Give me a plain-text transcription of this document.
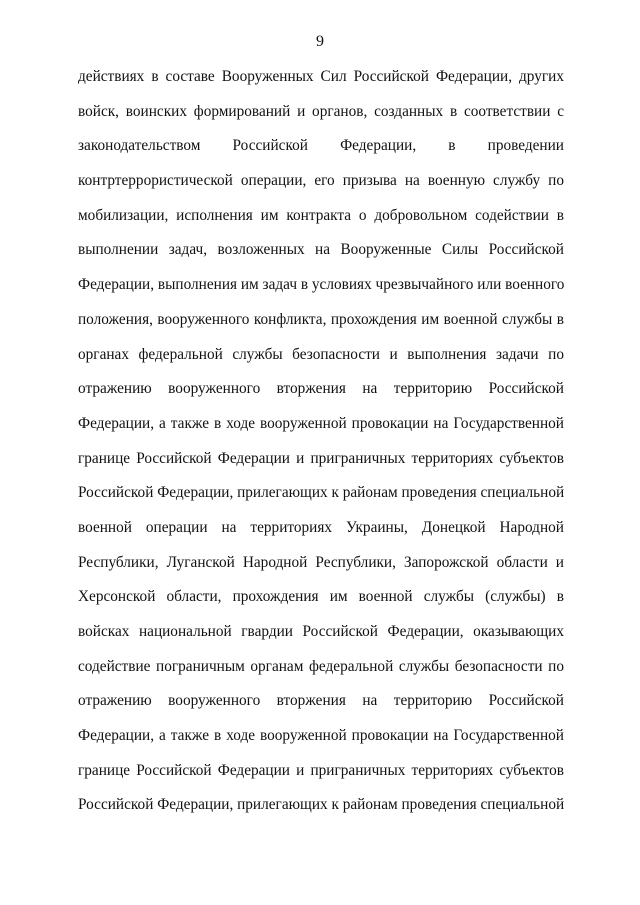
9
действиях в составе Вооруженных Сил Российской Федерации, других
войск, воинских формирований и органов, созданных в соответствии с
законодательством Российской Федерации, в проведении
контртеррористической операции, его призыва на военную службу по
мобилизации, исполнения им контракта о добровольном содействии в
выполнении задач, возложенных на Вооруженные Силы Российской
Федерации, выполнения им задач в условиях чрезвычайного или военного
положения, вооруженного конфликта, прохождения им военной службы в
органах федеральной службы безопасности и выполнения задачи по
отражению вооруженного вторжения на территорию Российской
Федерации, а также в ходе вооруженной провокации на Государственной
границе Российской Федерации и приграничных территориях субъектов
Российской Федерации, прилегающих к районам проведения специальной
военной операции на территориях Украины, Донецкой Народной
Республики, Луганской Народной Республики, Запорожской области и
Херсонской области, прохождения им военной службы (службы) в
войсках национальной гвардии Российской Федерации, оказывающих
содействие пограничным органам федеральной службы безопасности по
отражению вооруженного вторжения на территорию Российской
Федерации, а также в ходе вооруженной провокации на Государственной
границе Российской Федерации и приграничных территориях субъектов
Российской Федерации, прилегающих к районам проведения специальной
